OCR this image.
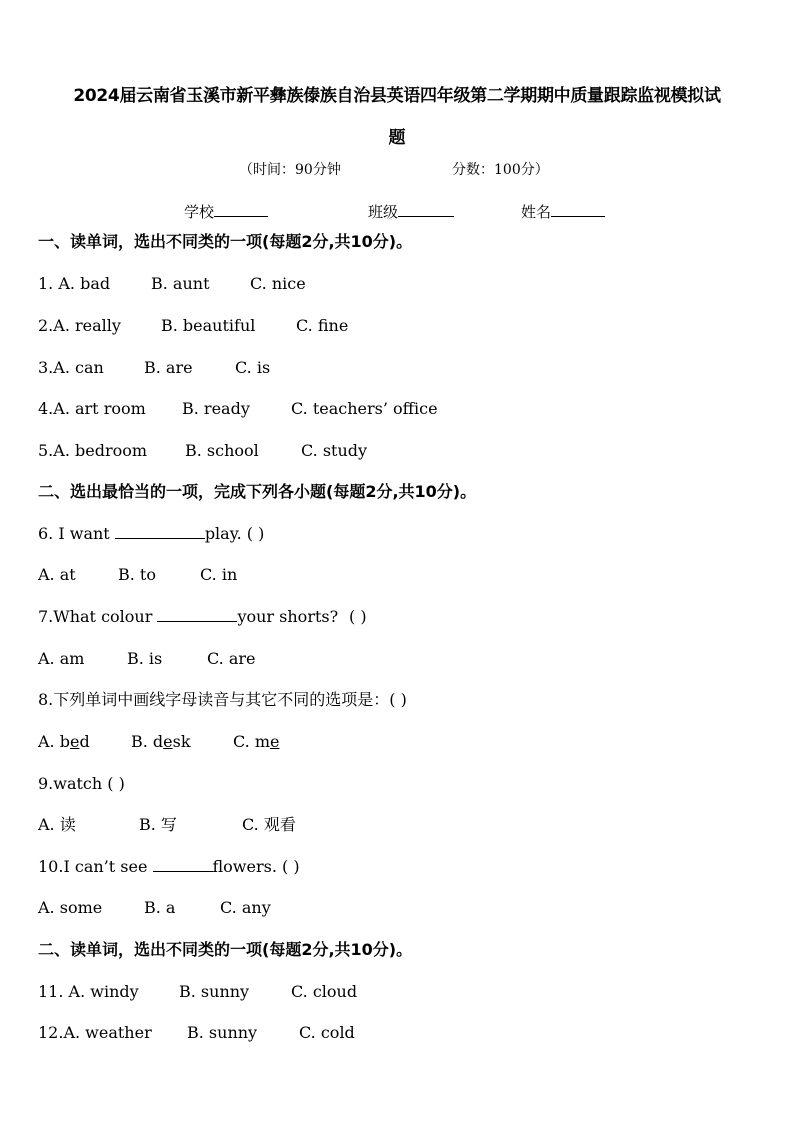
2024届云南省玉溪市新平彝族傣族自治县英语四年级第二学期期中质量跟踪监视模拟试
题
（时间：90分钟	分数：100分）
学校	班级	姓名
一、读单词，选出不同类的一项(每题2分,共10分)。
1. A. bad	B. aunt	C. nice
2.A. really	B. beautiful	C. fine
3.A. can	B. are	C. is
4.A. art room B. ready	C. teachers’ office
5.A. bedroom B. school	C. study
二、选出最恰当的一项，完成下列各小题(每题2分,共10分)。
6. I want	play. ( )
A. at	B. to	C. in
7.What colour	your shorts? ( )
A. am	B. is	C. are
8.下列单词中画线字母读音与其它不同的选项是：( )
A. bed	B. desk	C. me
9.watch ( )
A. 读	B. 写	C. 观看
10.I can’t see	flowers. ( )
A. some	B. a	C. any
二、读单词，选出不同类的一项(每题2分,共10分)。
11. A. windy	B. sunny	C. cloud
12.A. weather B. sunny	C. cold
